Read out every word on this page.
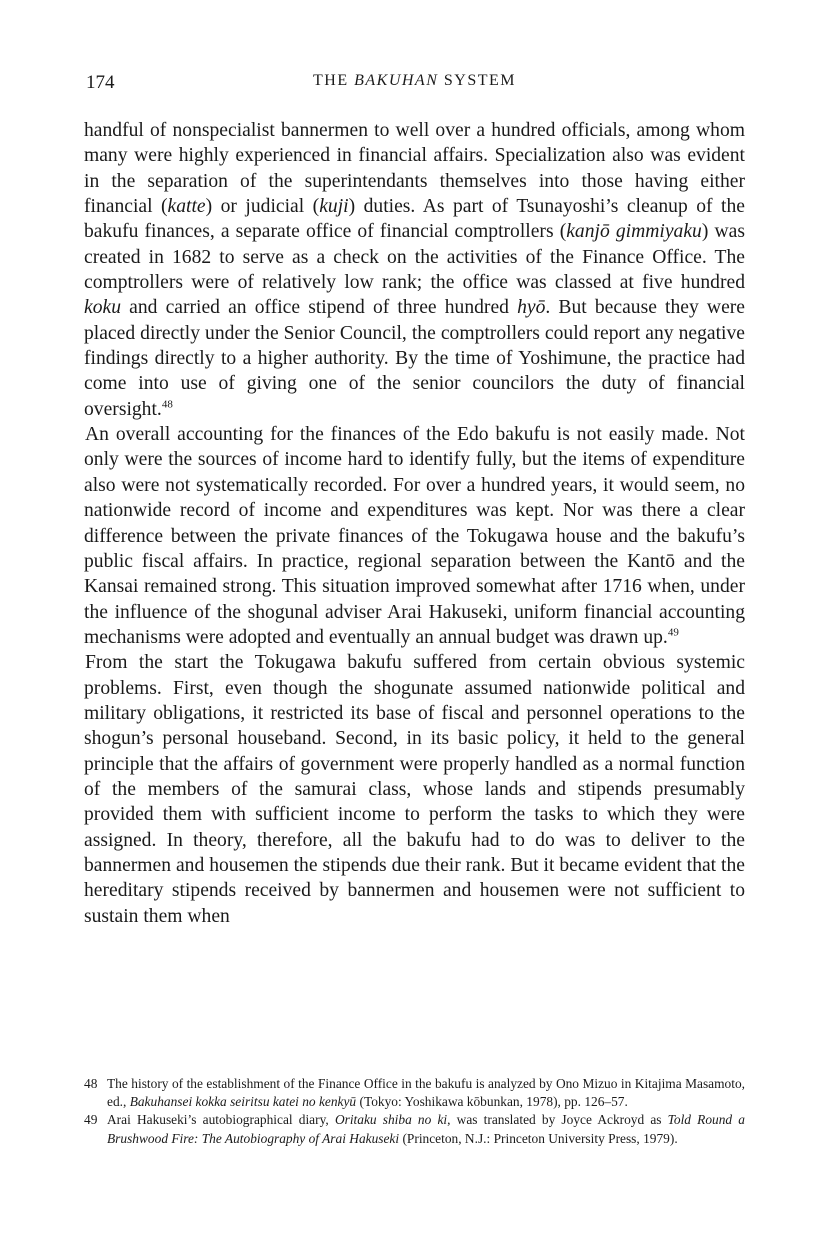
174	THE BAKUHAN SYSTEM

handful of nonspecialist bannermen to well over a hundred officials, among whom many were highly experienced in financial affairs. Specialization also was evident in the separation of the superintendants themselves into those having either financial (katte) or judicial (kuji) duties. As part of Tsunayoshi’s cleanup of the bakufu finances, a separate office of financial comptrollers (kanjō gimmiyaku) was created in 1682 to serve as a check on the activities of the Finance Office. The comptrollers were of relatively low rank; the office was classed at five hundred koku and carried an office stipend of three hundred hyō. But because they were placed directly under the Senior Council, the comptrollers could report any negative findings directly to a higher authority. By the time of Yoshimune, the practice had come into use of giving one of the senior councilors the duty of financial oversight.$^{48}$

An overall accounting for the finances of the Edo bakufu is not easily made. Not only were the sources of income hard to identify fully, but the items of expenditure also were not systematically recorded. For over a hundred years, it would seem, no nationwide record of income and expenditures was kept. Nor was there a clear difference between the private finances of the Tokugawa house and the bakufu’s public fiscal affairs. In practice, regional separation between the Kantō and the Kansai remained strong. This situation improved somewhat after 1716 when, under the influence of the shogunal adviser Arai Hakuseki, uniform financial accounting mechanisms were adopted and eventually an annual budget was drawn up.$^{49}$

From the start the Tokugawa bakufu suffered from certain obvious systemic problems. First, even though the shogunate assumed nationwide political and military obligations, it restricted its base of fiscal and personnel operations to the shogun’s personal houseband. Second, in its basic policy, it held to the general principle that the affairs of government were properly handled as a normal function of the members of the samurai class, whose lands and stipends presumably provided them with sufficient income to perform the tasks to which they were assigned. In theory, therefore, all the bakufu had to do was to deliver to the bannermen and housemen the stipends due their rank. But it became evident that the hereditary stipends received by bannermen and housemen were not sufficient to sustain them when

48 The history of the establishment of the Finance Office in the bakufu is analyzed by Ono Mizuo in Kitajima Masamoto, ed., Bakuhansei kokka seiritsu katei no kenkyū (Tokyo: Yoshikawa kōbunkan, 1978), pp. 126–57.
49 Arai Hakuseki’s autobiographical diary, Oritaku shiba no ki, was translated by Joyce Ackroyd as Told Round a Brushwood Fire: The Autobiography of Arai Hakuseki (Princeton, N.J.: Princeton University Press, 1979).
